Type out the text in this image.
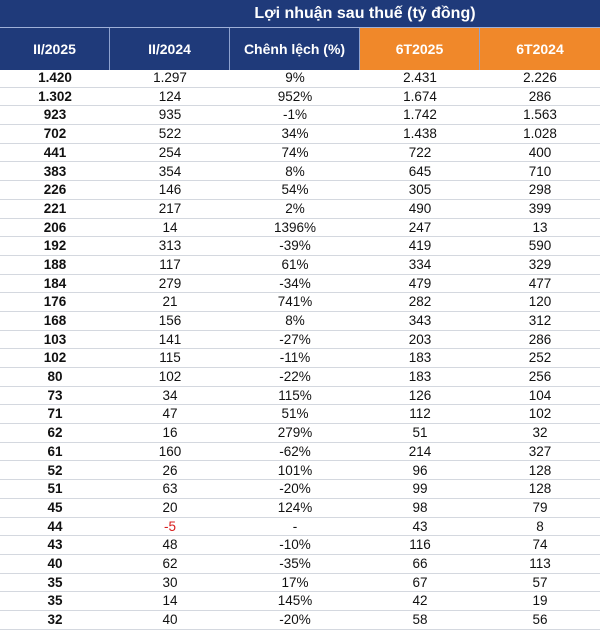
Lợi nhuận sau thuế (tỷ đồng)
II/2025	II/2024	Chênh lệch (%)	6T2025	6T2024
1.420	1.297	9%	2.431	2.226
1.302	124	952%	1.674	286
923	935	-1%	1.742	1.563
702	522	34%	1.438	1.028
441	254	74%	722	400
383	354	8%	645	710
226	146	54%	305	298
221	217	2%	490	399
206	14	1396%	247	13
192	313	-39%	419	590
188	117	61%	334	329
184	279	-34%	479	477
176	21	741%	282	120
168	156	8%	343	312
103	141	-27%	203	286
102	115	-11%	183	252
80	102	-22%	183	256
73	34	115%	126	104
71	47	51%	112	102
62	16	279%	51	32
61	160	-62%	214	327
52	26	101%	96	128
51	63	-20%	99	128
45	20	124%	98	79
44	-5	-	43	8
43	48	-10%	116	74
40	62	-35%	66	113
35	30	17%	67	57
35	14	145%	42	19
32	40	-20%	58	56
